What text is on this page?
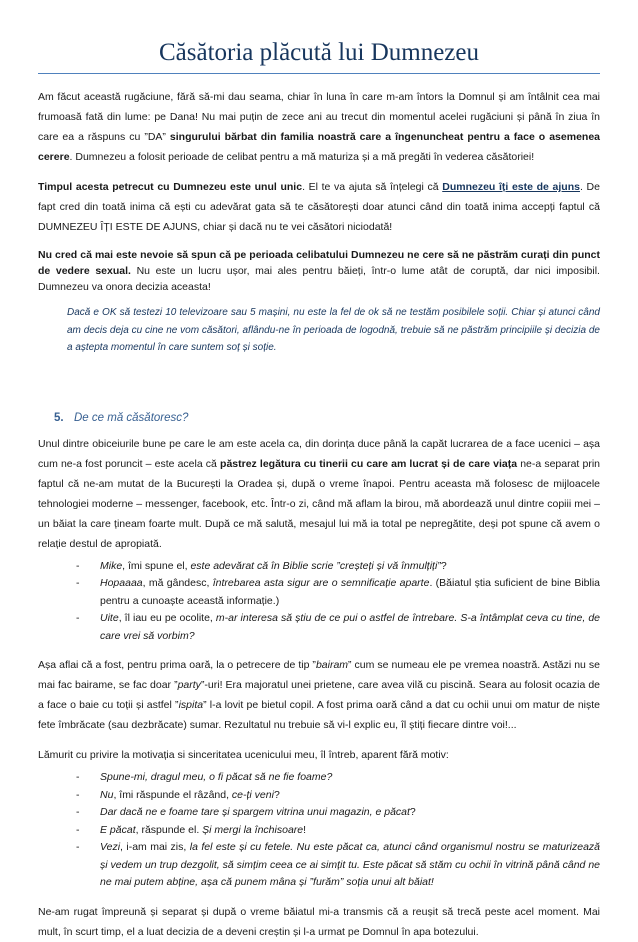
Căsătoria plăcută lui Dumnezeu

Am făcut această rugăciune, fără să-mi dau seama, chiar în luna în care m-am întors la Domnul și am întâlnit cea mai frumoasă fată din lume: pe Dana! Nu mai puțin de zece ani au trecut din momentul acelei rugăciuni și până în ziua în care ea a răspuns cu ”DA” singurului bărbat din familia noastră care a îngenuncheat pentru a face o asemenea cerere. Dumnezeu a folosit perioade de celibat pentru a mă maturiza și a mă pregăti în vederea căsătoriei!

Timpul acesta petrecut cu Dumnezeu este unul unic. El te va ajuta să înțelegi că Dumnezeu îți este de ajuns. De fapt cred din toată inima că ești cu adevărat gata să te căsătorești doar atunci când din toată inima accepți faptul că DUMNEZEU ÎȚI ESTE DE AJUNS, chiar și dacă nu te vei căsători niciodată!

Nu cred că mai este nevoie să spun că pe perioada celibatului Dumnezeu ne cere să ne păstrăm curați din punct de vedere sexual. Nu este un lucru ușor, mai ales pentru băieți, într-o lume atât de coruptă, dar nici imposibil. Dumnezeu va onora decizia aceasta!

Dacă e OK să testezi 10 televizoare sau 5 mașini, nu este la fel de ok să ne testăm posibilele soții. Chiar și atunci când am decis deja cu cine ne vom căsători, aflându-ne în perioada de logodnă, trebuie să ne păstrăm principiile și decizia de a aștepta momentul în care suntem soț și soție.
5. De ce mă căsătoresc?

Unul dintre obiceiurile bune pe care le am este acela ca, din dorința duce până la capăt lucrarea de a face ucenici – așa cum ne-a fost poruncit – este acela că păstrez legătura cu tinerii cu care am lucrat și de care viața ne-a separat prin faptul că ne-am mutat de la București la Oradea și, după o vreme înapoi. Pentru aceasta mă folosesc de mijloacele tehnologiei moderne – messenger, facebook, etc. Într-o zi, când mă aflam la birou, mă abordează unul dintre copiii mei – un băiat la care țineam foarte mult. După ce mă salută, mesajul lui mă ia total pe nepregătite, deși pot spune că avem o relație destul de apropiată.

- Mike, îmi spune el, este adevărat că în Biblie scrie ”creșteți și vă înmulțiți”?
- Hopaaaa, mă gândesc, întrebarea asta sigur are o semnificație aparte. (Băiatul știa suficient de bine Biblia pentru a cunoaște această informație.)
- Uite, îl iau eu pe ocolite, m-ar interesa să știu de ce pui o astfel de întrebare. S-a întâmplat ceva cu tine, de care vrei să vorbim?

Așa aflai că a fost, pentru prima oară, la o petrecere de tip ”bairam” cum se numeau ele pe vremea noastră. Astăzi nu se mai fac bairame, se fac doar ”party”-uri! Era majoratul unei prietene, care avea vilă cu piscină. Seara au folosit ocazia de a face o baie cu toții și astfel ”ispita” l-a lovit pe bietul copil. A fost prima oară când a dat cu ochii unui om matur de niște fete îmbrăcate (sau dezbrăcate) sumar. Rezultatul nu trebuie să vi-l explic eu, îl știți fiecare dintre voi!...

Lămurit cu privire la motivația si sinceritatea ucenicului meu, îl întreb, aparent fără motiv:

- Spune-mi, dragul meu, o fi păcat să ne fie foame?
- Nu, îmi răspunde el râzând, ce-ți veni?
- Dar dacă ne e foame tare și spargem vitrina unui magazin, e păcat?
- E păcat, răspunde el. Și mergi la închisoare!
- Vezi, i-am mai zis, la fel este și cu fetele. Nu este păcat ca, atunci când organismul nostru se maturizează și vedem un trup dezgolit, să simțim ceea ce ai simțit tu. Este păcat să stăm cu ochii în vitrină până când ne ne mai putem abține, așa că punem mâna și ”furăm” soția unui alt băiat!

Ne-am rugat împreună și separat și după o vreme băiatul mi-a transmis că a reușit să trecă peste acel moment. Mai mult, în scurt timp, el a luat decizia de a deveni creștin și l-a urmat pe Domnul în apa botezului.
